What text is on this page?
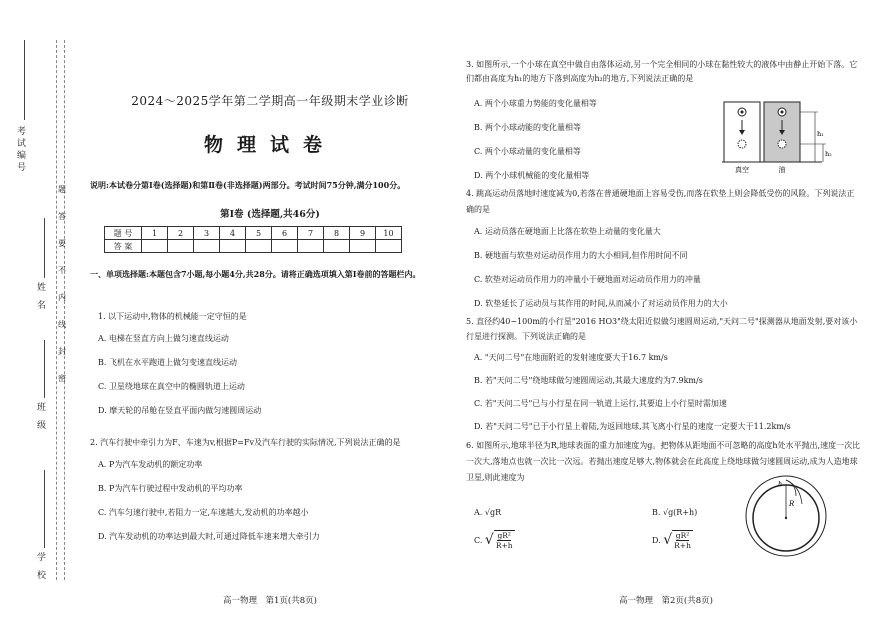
考试编号
姓 名
班 级
学 校
题
答
要
不
内
线
封
密
2024～2025学年第二学期高一年级期末学业诊断
物理试卷
说明:本试卷分第Ⅰ卷(选择题)和第Ⅱ卷(非选择题)两部分。考试时间75分钟,满分100分。
第Ⅰ卷 (选择题,共46分)
题 号	1	2	3	4	5	6	7	8	9	10
答 案										
一、单项选择题:本题包含7小题,每小题4分,共28分。请将正确选项填入第Ⅰ卷前的答题栏内。

1. 以下运动中,物体的机械能一定守恒的是

A. 电梯在竖直方向上做匀速直线运动

B. 飞机在水平跑道上做匀变速直线运动

C. 卫星绕地球在真空中的椭圆轨道上运动

D. 摩天轮的吊舱在竖直平面内做匀速圆周运动

2. 汽车行驶中牵引力为F、车速为v,根据P=Fv及汽车行驶的实际情况,下列说法正确的是

A. P为汽车发动机的额定功率

B. P为汽车行驶过程中发动机的平均功率

C. 汽车匀速行驶中,若阻力一定,车速越大,发动机的功率越小

D. 汽车发动机的功率达到最大时,可通过降低车速来增大牵引力

高一物理　第1页(共8页)

3. 如图所示,一个小球在真空中做自由落体运动,另一个完全相同的小球在黏性较大的液体中由静止开始下落。它们都由高度为h₁的地方下落到高度为h₂的地方,下列说法正确的是

A. 两个小球重力势能的变化量相等

B. 两个小球动能的变化量相等

C. 两个小球动量的变化量相等

D. 两个小球机械能的变化量相等

真空	油
h₁
h₂

4. 跳高运动员落地时速度减为0,若落在普通硬地面上容易受伤,而落在软垫上则会降低受伤的风险。下列说法正确的是

A. 运动员落在硬地面上比落在软垫上动量的变化量大

B. 硬地面与软垫对运动员作用力的大小相同,但作用时间不同

C. 软垫对运动员作用力的冲量小于硬地面对运动员作用力的冲量

D. 软垫延长了运动员与其作用的时间,从而减小了对运动员作用力的大小

5. 直径约40~100m的小行星"2016 HO3"绕太阳近似做匀速圆周运动,"天问二号"探测器从地面发射,要对该小行星进行探测。下列说法正确的是

A. "天问二号"在地面附近的发射速度要大于16.7 km/s

B. 若"天问二号"绕地球做匀速圆周运动,其最大速度约为7.9km/s

C. 若"天问二号"已与小行星在同一轨道上运行,其要追上小行星时需加速

D. 若"天问二号"已于小行星上着陆,为返回地球,其飞离小行星的速度一定要大于11.2km/s

6. 如图所示,地球半径为R,地球表面的重力加速度为g。把物体从距地面不可忽略的高度h处水平抛出,速度一次比一次大,落地点也就一次比一次远。若抛出速度足够大,物体就会在此高度上绕地球做匀速圆周运动,成为人造地球卫星,则此速度为

A. √gR	B. √g(R+h)
C. √ $\frac{\text{gR²}}{R+h}$	D. √ $\frac{\text{gR²}}{R+h}$
h
R
高一物理　第2页(共8页)
